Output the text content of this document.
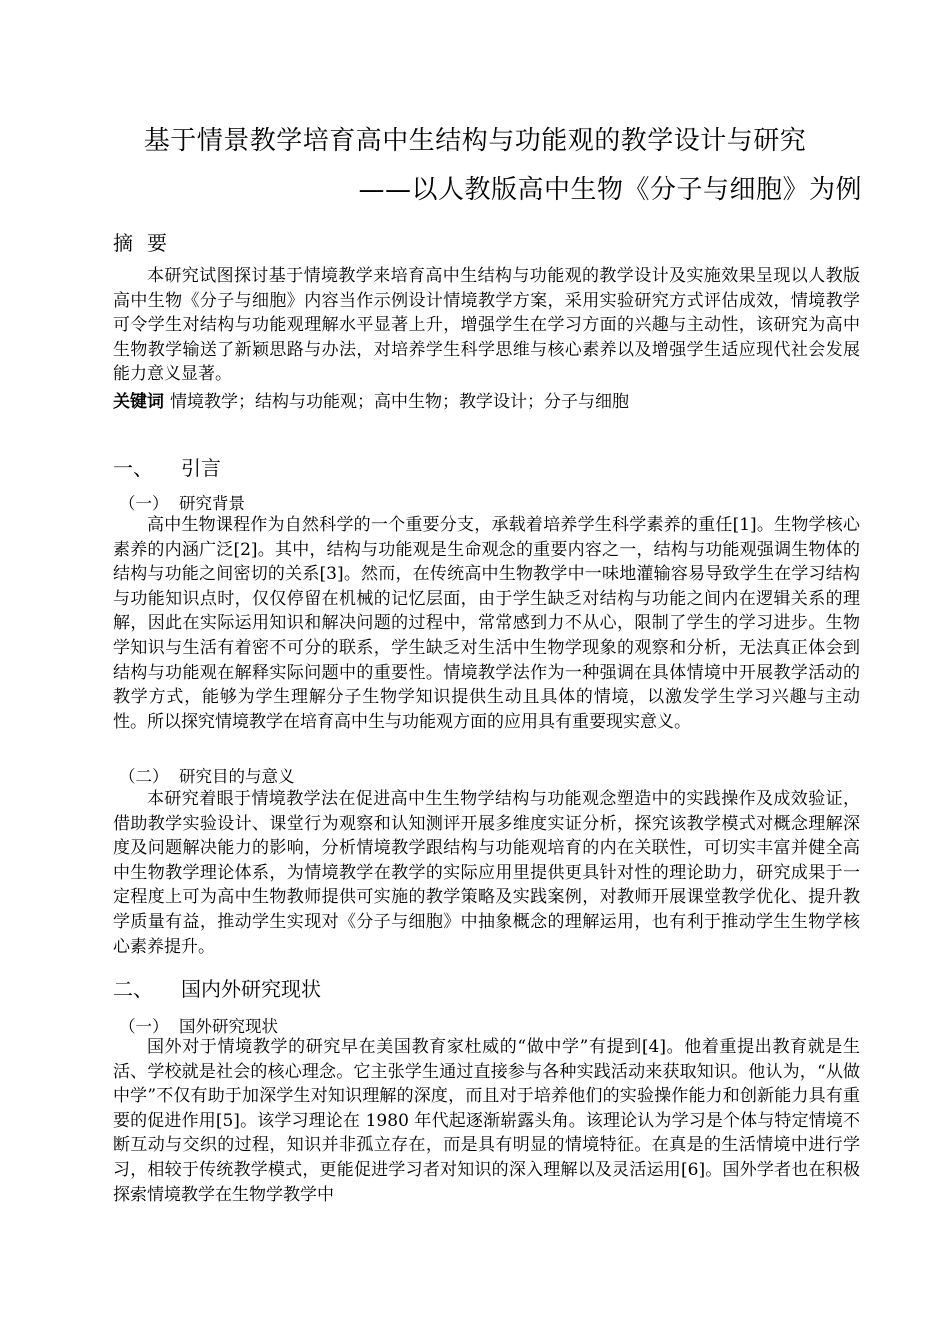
基于情景教学培育高中生结构与功能观的教学设计与研究
——以人教版高中生物《分子与细胞》为例
摘要

本研究试图探讨基于情境教学来培育高中生结构与功能观的教学设计及实施效果呈现以人教版高中生物《分子与细胞》内容当作示例设计情境教学方案，采用实验研究方式评估成效，情境教学可令学生对结构与功能观理解水平显著上升，增强学生在学习方面的兴趣与主动性，该研究为高中生物教学输送了新颖思路与办法，对培养学生科学思维与核心素养以及增强学生适应现代社会发展能力意义显著。

关键词 情境教学；结构与功能观；高中生物；教学设计；分子与细胞
一、 引言
（一） 研究背景

高中生物课程作为自然科学的一个重要分支，承载着培养学生科学素养的重任[1]。生物学核心素养的内涵广泛[2]。其中，结构与功能观是生命观念的重要内容之一，结构与功能观强调生物体的结构与功能之间密切的关系[3]。然而，在传统高中生物教学中一味地灌输容易导致学生在学习结构与功能知识点时，仅仅停留在机械的记忆层面，由于学生缺乏对结构与功能之间内在逻辑关系的理解，因此在实际运用知识和解决问题的过程中，常常感到力不从心，限制了学生的学习进步。生物学知识与生活有着密不可分的联系，学生缺乏对生活中生物学现象的观察和分析，无法真正体会到结构与功能观在解释实际问题中的重要性。情境教学法作为一种强调在具体情境中开展教学活动的教学方式，能够为学生理解分子生物学知识提供生动且具体的情境，以激发学生学习兴趣与主动性。所以探究情境教学在培育高中生与功能观方面的应用具有重要现实意义。

（二） 研究目的与意义

本研究着眼于情境教学法在促进高中生生物学结构与功能观念塑造中的实践操作及成效验证，借助教学实验设计、课堂行为观察和认知测评开展多维度实证分析，探究该教学模式对概念理解深度及问题解决能力的影响，分析情境教学跟结构与功能观培育的内在关联性，可切实丰富并健全高中生物教学理论体系，为情境教学在教学的实际应用里提供更具针对性的理论助力，研究成果于一定程度上可为高中生物教师提供可实施的教学策略及实践案例，对教师开展课堂教学优化、提升教学质量有益，推动学生实现对《分子与细胞》中抽象概念的理解运用，也有利于推动学生生物学核心素养提升。

二、 国内外研究现状
（一） 国外研究现状

国外对于情境教学的研究早在美国教育家杜威的“做中学”有提到[4]。他着重提出教育就是生活、学校就是社会的核心理念。它主张学生通过直接参与各种实践活动来获取知识。他认为，“从做中学”不仅有助于加深学生对知识理解的深度，而且对于培养他们的实验操作能力和创新能力具有重要的促进作用[5]。该学习理论在 1980 年代起逐渐崭露头角。该理论认为学习是个体与特定情境不断互动与交织的过程，知识并非孤立存在，而是具有明显的情境特征。在真是的生活情境中进行学习，相较于传统教学模式，更能促进学习者对知识的深入理解以及灵活运用[6]。国外学者也在积极探索情境教学在生物学教学中
